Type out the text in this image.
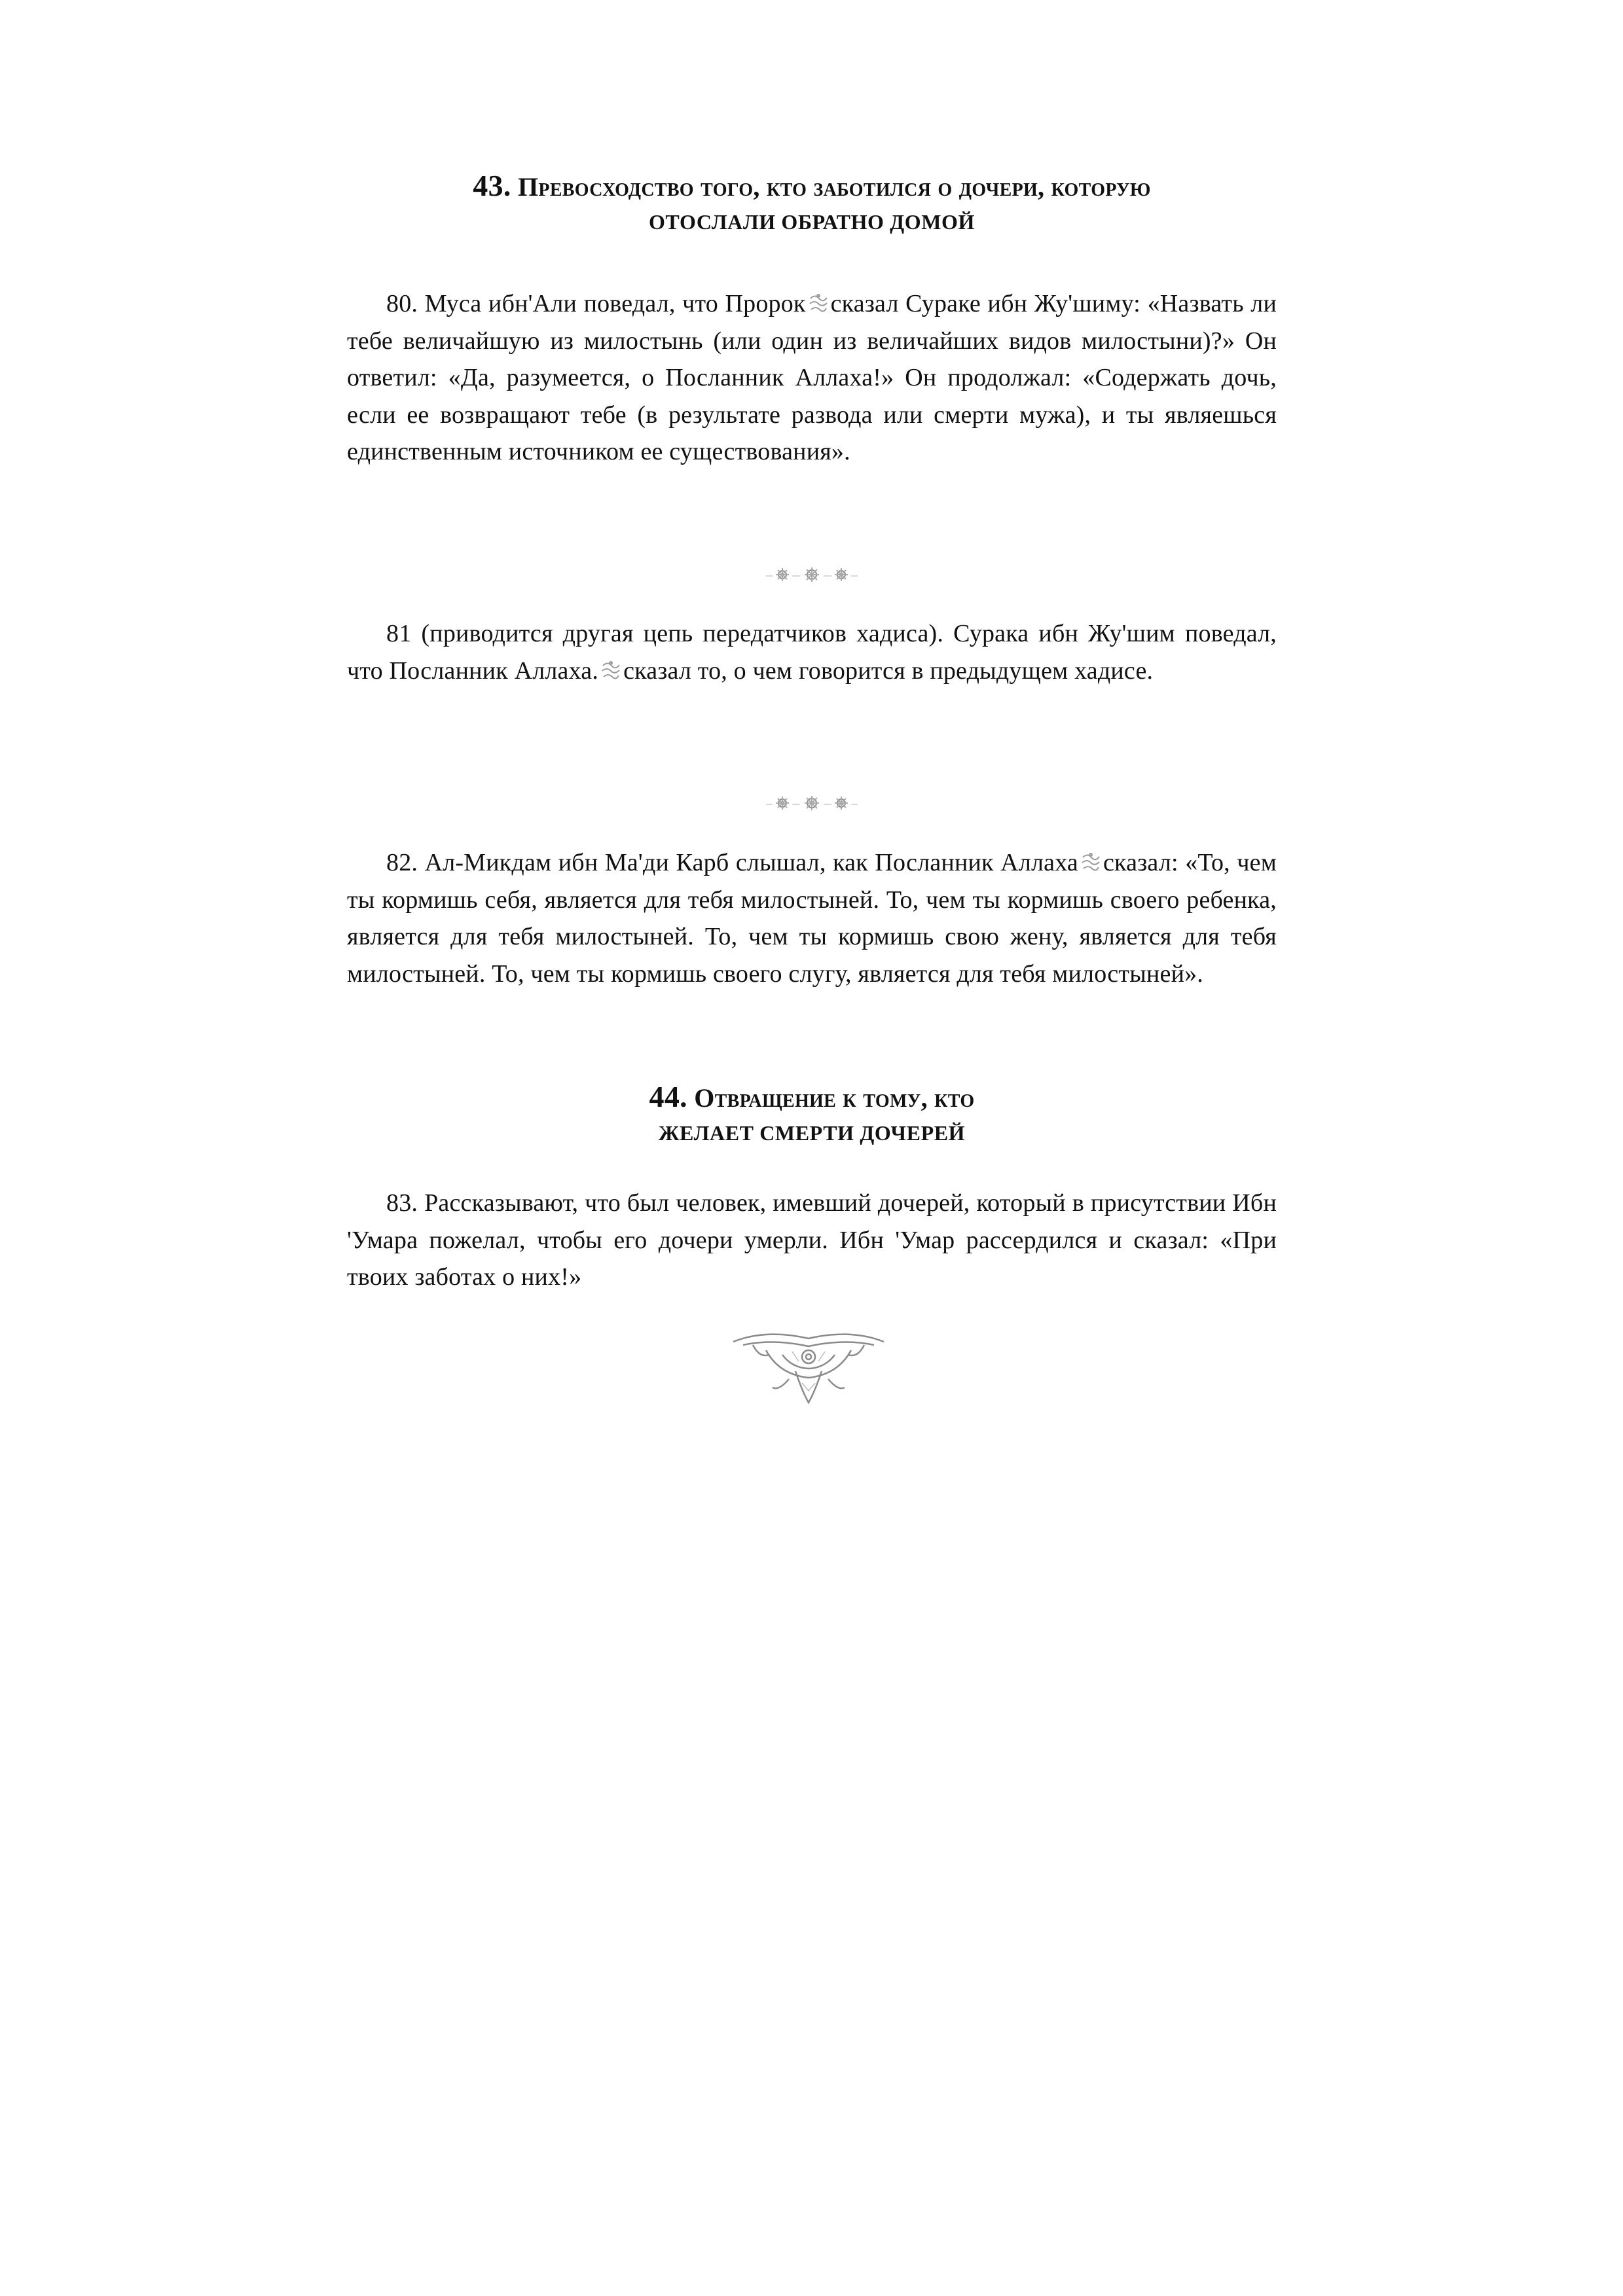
43. Превосходство того, кто заботился о дочери, которую
ОТОСЛАЛИ ОБРАТНО ДОМОЙ
80. Муса ибн'Али поведал, что Пророк сказал Сураке ибн Жу'шиму: «Назвать ли тебе величайшую из милостынь (или один из величайших видов милостыни)?» Он ответил: «Да, разумеется, о Посланник Аллаха!» Он продолжал: «Содержать дочь, если ее возвращают тебе (в результате развода или смерти мужа), и ты являешься единственным источником ее существования».
81 (приводится другая цепь передатчиков хадиса). Сурака ибн Жу'шим поведал, что Посланник Аллаха. сказал то, о чем говорится в предыдущем хадисе.
82. Ал-Микдам ибн Ма'ди Карб слышал, как Посланник Аллаха сказал: «То, чем ты кормишь себя, является для тебя милостыней. То, чем ты кормишь своего ребенка, является для тебя милостыней. То, чем ты кормишь свою жену, является для тебя милостыней. То, чем ты кормишь своего слугу, является для тебя милостыней».
44. Отвращение к тому, кто
ЖЕЛАЕТ СМЕРТИ ДОЧЕРЕЙ
83. Рассказывают, что был человек, имевший дочерей, который в присутствии Ибн 'Умара пожелал, чтобы его дочери умерли. Ибн 'Умар рассердился и сказал: «При твоих заботах о них!»
